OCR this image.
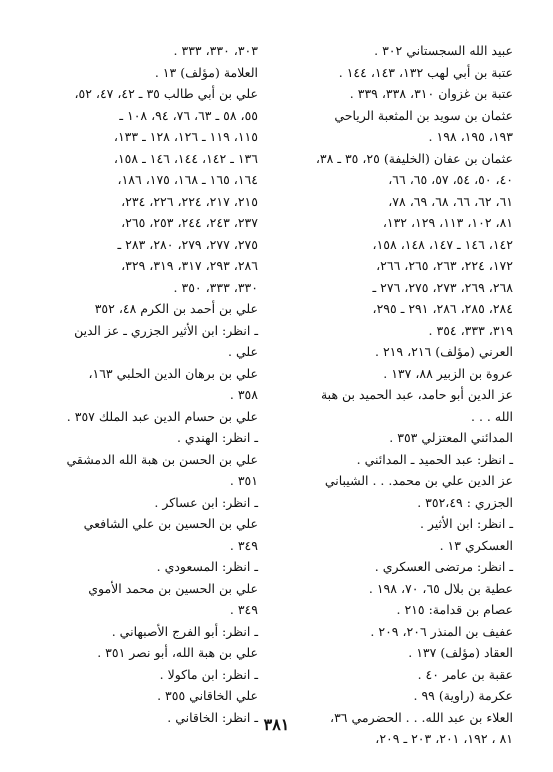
عبيد الله السجستاني ٣٠٢ .
عتبة بن أبي لهب ١٣٢، ١٤٣، ١٤٤ .
عتبة بن غزوان ٣١٠، ٣٣٨، ٣٣٩ .
عثمان بن سويد بن المثعبة الرياحي
١٩٣، ١٩٥، ١٩٨ .
عثمان بن عفان (الخليفة) ٢٥، ٣٥ ـ ٣٨،
٤٠، ٥٠، ٥٤، ٥٧، ٦٥، ٦٦،
٦١، ٦٢، ٦٦، ٦٨، ٦٩، ٧٨،
٨١، ١٠٢، ١١٣، ١٢٩، ١٣٢،
١٤٢، ١٤٦ ـ ١٤٧، ١٤٨، ١٥٨،
١٧٢، ٢٢٤، ٢٦٣، ٢٦٥، ٢٦٦،
٢٦٨، ٢٦٩، ٢٧٣، ٢٧٥، ٢٧٦ ـ
٢٨٤، ٢٨٥، ٢٨٦، ٢٩١ ـ ٢٩٥،
٣١٩، ٣٣٣، ٣٥٤ .
العرني (مؤلف) ٢١٦، ٢١٩ .
عروة بن الزبير ٨٨، ١٣٧ .
عز الدين أبو حامد، عبد الحميد بن هبة
الله . . .
المدائني المعتزلي ٣٥٣ .
ـ انظر: عبد الحميد ـ المدائني .
عز الدين علي بن محمد. . . الشيباني
الجزري : ٣٥٢،٤٩ .
ـ انظر: ابن الأثير .
العسكري ١٣ .
ـ انظر: مرتضى العسكري .
عطية بن بلال ٦٥، ٧٠، ١٩٨ .
عصام بن قدامة: ٢١٥ .
عفيف بن المنذر ٢٠٦، ٢٠٩ .
العقاد (مؤلف) ١٣٧ .
عقبة بن عامر ٤٠ .
عكرمة (راوية) ٩٩ .
العلاء بن عبد الله. . . الحضرمي ٣٦،
٨١ ، ١٩٢، ٢٠١، ٢٠٣ ـ ٢٠٩،
٣٠٣، ٣٣٠، ٣٣٣ .
العلامة (مؤلف) ١٣ .
علي بن أبي طالب ٣٥ ـ ٤٢، ٤٧، ٥٢،
٥٥، ٥٨ ـ ٦٣، ٧٦، ٩٤، ١٠٨ ـ
١١٥، ١١٩ ـ ١٢٦، ١٢٨ ـ ١٣٣،
١٣٦ ـ ١٤٢، ١٤٤، ١٤٦ ـ ١٥٨،
١٦٤، ١٦٥ ـ ١٦٨، ١٧٥، ١٨٦،
٢١٥، ٢١٧، ٢٢٤، ٢٢٦، ٢٣٤،
٢٣٧، ٢٤٣، ٢٤٤، ٢٥٣، ٢٦٥،
٢٧٥، ٢٧٧، ٢٧٩، ٢٨٠، ٢٨٣ ـ
٢٨٦، ٢٩٣، ٣١٧، ٣١٩، ٣٢٩،
٣٣٠، ٣٣٣، ٣٥٠ .
علي بن أحمد بن الكرم ٤٨، ٣٥٢
ـ انظر: ابن الأثير الجزري ـ عز الدين
علي .
علي بن برهان الدين الحلبي ١٦٣،
٣٥٨ .
علي بن حسام الدين عبد الملك ٣٥٧ .
ـ انظر: الهندي .
علي بن الحسن بن هبة الله الدمشقي
٣٥١ .
ـ انظر: ابن عساكر .
علي بن الحسين بن علي الشافعي
٣٤٩ .
ـ انظر: المسعودي .
علي بن الحسين بن محمد الأموي
٣٤٩ .
ـ انظر: أبو الفرج الأصبهاني .
علي بن هبة الله، أبو نصر ٣٥١ .
ـ انظر: ابن ماكولا .
علي الخاقاني ٣٥٥ .
ـ انظر: الخاقاني . ٣٨١
